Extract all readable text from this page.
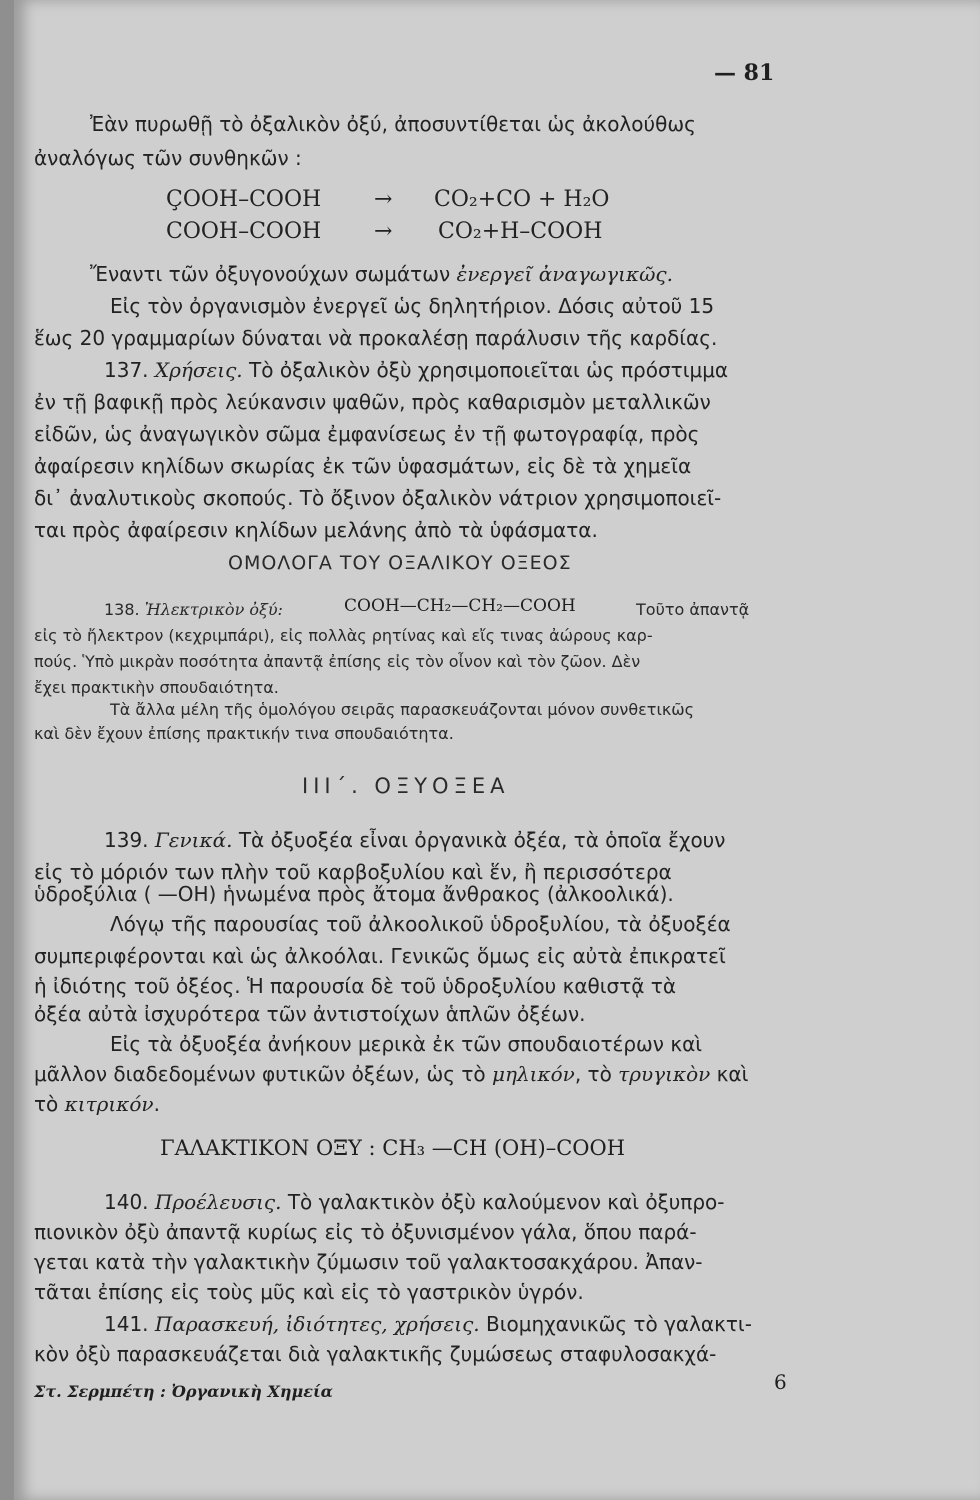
— 81
Ἐὰν πυρωθῇ τὸ ὀξαλικὸν ὀξύ, ἀποσυντίθεται ὡς ἀκολούθως
ἀναλόγως τῶν συνθηκῶν :
ÇOOH–COOH → CO₂+CO + H₂O
COOH–COOH → CO₂+H–COOH
Ἔναντι τῶν ὀξυγονούχων σωμάτων ἐνεργεῖ ἀναγωγικῶς.
Εἰς τὸν ὀργανισμὸν ἐνεργεῖ ὡς δηλητήριον. Δόσις αὐτοῦ 15
ἕως 20 γραμμαρίων δύναται νὰ προκαλέσῃ παράλυσιν τῆς καρδίας.
137. Χρήσεις. Τὸ ὀξαλικὸν ὀξὺ χρησιμοποιεῖται ὡς πρόστιμμα
ἐν τῇ βαφικῇ πρὸς λεύκανσιν ψαθῶν, πρὸς καθαρισμὸν μεταλλικῶν
εἰδῶν, ὡς ἀναγωγικὸν σῶμα ἐμφανίσεως ἐν τῇ φωτογραφίᾳ, πρὸς
ἀφαίρεσιν κηλίδων σκωρίας ἐκ τῶν ὑφασμάτων, εἰς δὲ τὰ χημεῖα
δι᾽ ἀναλυτικοὺς σκοπούς. Τὸ ὄξινον ὀξαλικὸν νάτριον χρησιμοποιεῖ-
ται πρὸς ἀφαίρεσιν κηλίδων μελάνης ἀπὸ τὰ ὑφάσματα.
ΟΜΟΛΟΓΑ ΤΟΥ ΟΞΑΛΙΚΟΥ ΟΞΕΟΣ
138. Ἠλεκτρικὸν ὀξύ:	COOH—CH₂—CH₂—COOH	Τοῦτο ἀπαντᾷ
εἰς τὸ ἤλεκτρον (κεχριμπάρι), εἰς πολλὰς ρητίνας καὶ εἴς τινας ἀώρους καρ-
πούς. Ὑπὸ μικρὰν ποσότητα ἀπαντᾷ ἐπίσης εἰς τὸν οἶνον καὶ τὸν ζῶον. Δὲν
ἔχει πρακτικὴν σπουδαιότητα.
Τὰ ἄλλα μέλη τῆς ὁμολόγου σειρᾶς παρασκευάζονται μόνον συνθετικῶς
καὶ δὲν ἔχουν ἐπίσης πρακτικήν τινα σπουδαιότητα.
ΙΙΙ΄. ΟΞΥΟΞΕΑ
139. Γενικά. Τὰ ὀξυοξέα εἶναι ὀργανικὰ ὀξέα, τὰ ὁποῖα ἔχουν
εἰς τὸ μόριόν των πλὴν τοῦ καρβοξυλίου καὶ ἕν, ἢ περισσότερα
ὑδροξύλια ( —OH) ἡνωμένα πρὸς ἄτομα ἄνθρακος (ἀλκοολικά).
Λόγῳ τῆς παρουσίας τοῦ ἀλκοολικοῦ ὑδροξυλίου, τὰ ὀξυοξέα
συμπεριφέρονται καὶ ὡς ἀλκοόλαι. Γενικῶς ὅμως εἰς αὐτὰ ἐπικρατεῖ
ἡ ἰδιότης τοῦ ὀξέος. Ἡ παρουσία δὲ τοῦ ὑδροξυλίου καθιστᾷ τὰ
ὀξέα αὐτὰ ἰσχυρότερα τῶν ἀντιστοίχων ἁπλῶν ὀξέων.
Εἰς τὰ ὀξυοξέα ἀνήκουν μερικὰ ἐκ τῶν σπουδαιοτέρων καὶ
μᾶλλον διαδεδομένων φυτικῶν ὀξέων, ὡς τὸ μηλικόν, τὸ τρυγικὸν καὶ
τὸ κιτρικόν.
ΓΑΛΑΚΤΙΚΟΝ ΟΞΥ : CH₃ —CH (OH)–COOH
140. Προέλευσις. Τὸ γαλακτικὸν ὀξὺ καλούμενον καὶ ὀξυπρο-
πιονικὸν ὀξὺ ἀπαντᾷ κυρίως εἰς τὸ ὀξυνισμένον γάλα, ὅπου παρά-
γεται κατὰ τὴν γαλακτικὴν ζύμωσιν τοῦ γαλακτοσακχάρου. Ἀπαν-
τᾶται ἐπίσης εἰς τοὺς μῦς καὶ εἰς τὸ γαστρικὸν ὑγρόν.
141. Παρασκευή, ἰδιότητες, χρήσεις. Βιομηχανικῶς τὸ γαλακτι-
κὸν ὀξὺ παρασκευάζεται διὰ γαλακτικῆς ζυμώσεως σταφυλοσακχά-
Στ. Σερμπέτη : Ὀργανικὴ Χημεία	6
